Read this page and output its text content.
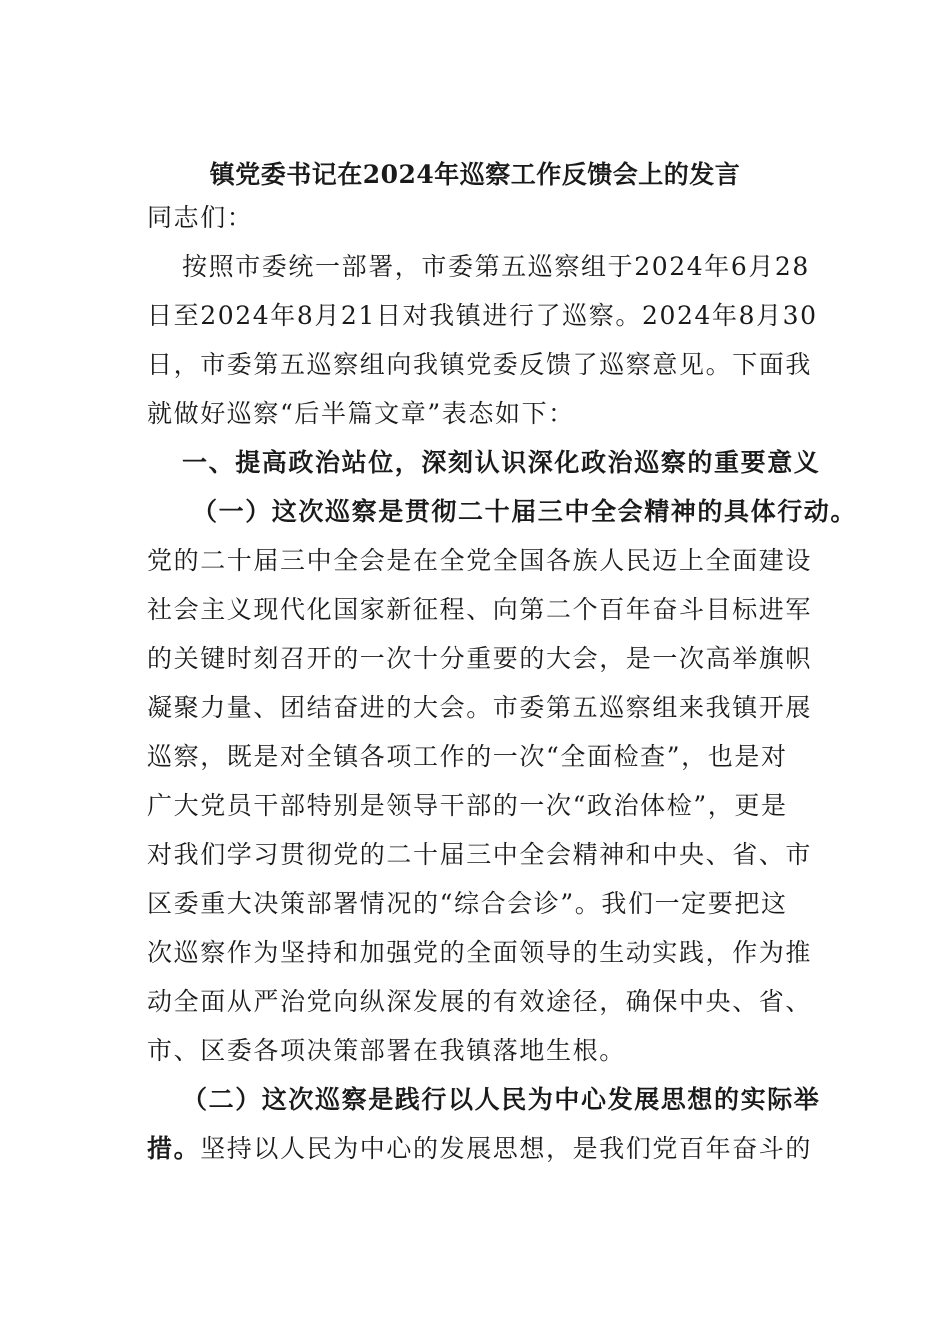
镇党委书记在2024年巡察工作反馈会上的发言
同志们：
按照市委统一部署，市委第五巡察组于2024年6月28
日至2024年8月21日对我镇进行了巡察。2024年8月30
日，市委第五巡察组向我镇党委反馈了巡察意见。下面我
就做好巡察“后半篇文章”表态如下：
一、提高政治站位，深刻认识深化政治巡察的重要意义
（一）这次巡察是贯彻二十届三中全会精神的具体行动。
党的二十届三中全会是在全党全国各族人民迈上全面建设
社会主义现代化国家新征程、向第二个百年奋斗目标进军
的关键时刻召开的一次十分重要的大会，是一次高举旗帜
凝聚力量、团结奋进的大会。市委第五巡察组来我镇开展
巡察，既是对全镇各项工作的一次“全面检查”，也是对
广大党员干部特别是领导干部的一次“政治体检”，更是
对我们学习贯彻党的二十届三中全会精神和中央、省、市
区委重大决策部署情况的“综合会诊”。我们一定要把这
次巡察作为坚持和加强党的全面领导的生动实践，作为推
动全面从严治党向纵深发展的有效途径，确保中央、省、
市、区委各项决策部署在我镇落地生根。
（二）这次巡察是践行以人民为中心发展思想的实际举
措。坚持以人民为中心的发展思想，是我们党百年奋斗的
